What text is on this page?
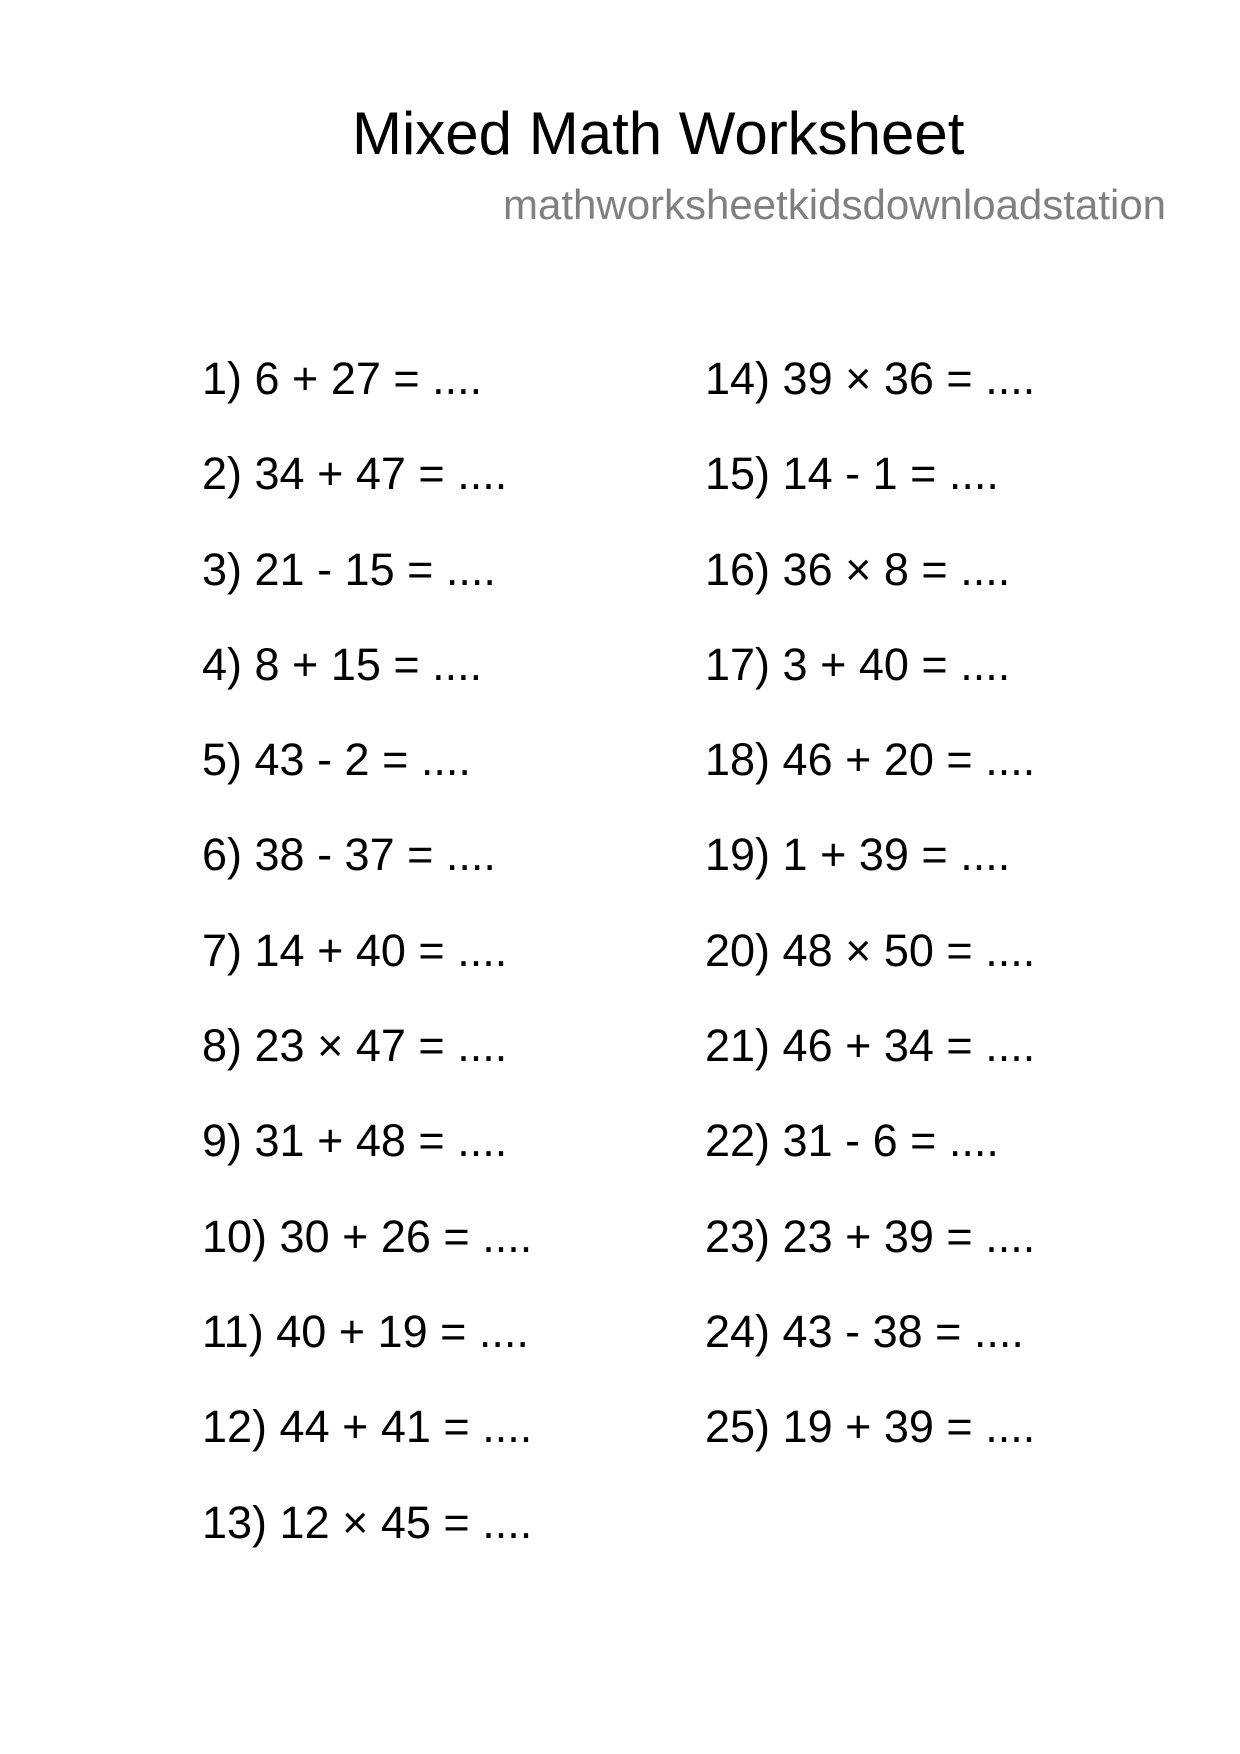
Mixed Math Worksheet
mathworksheetkidsdownloadstation
1) 6 + 27 = ....
2) 34 + 47 = ....
3) 21 - 15 = ....
4) 8 + 15 = ....
5) 43 - 2 = ....
6) 38 - 37 = ....
7) 14 + 40 = ....
8) 23 × 47 = ....
9) 31 + 48 = ....
10) 30 + 26 = ....
11) 40 + 19 = ....
12) 44 + 41 = ....
13) 12 × 45 = ....
14) 39 × 36 = ....
15) 14 - 1 = ....
16) 36 × 8 = ....
17) 3 + 40 = ....
18) 46 + 20 = ....
19) 1 + 39 = ....
20) 48 × 50 = ....
21) 46 + 34 = ....
22) 31 - 6 = ....
23) 23 + 39 = ....
24) 43 - 38 = ....
25) 19 + 39 = ....
